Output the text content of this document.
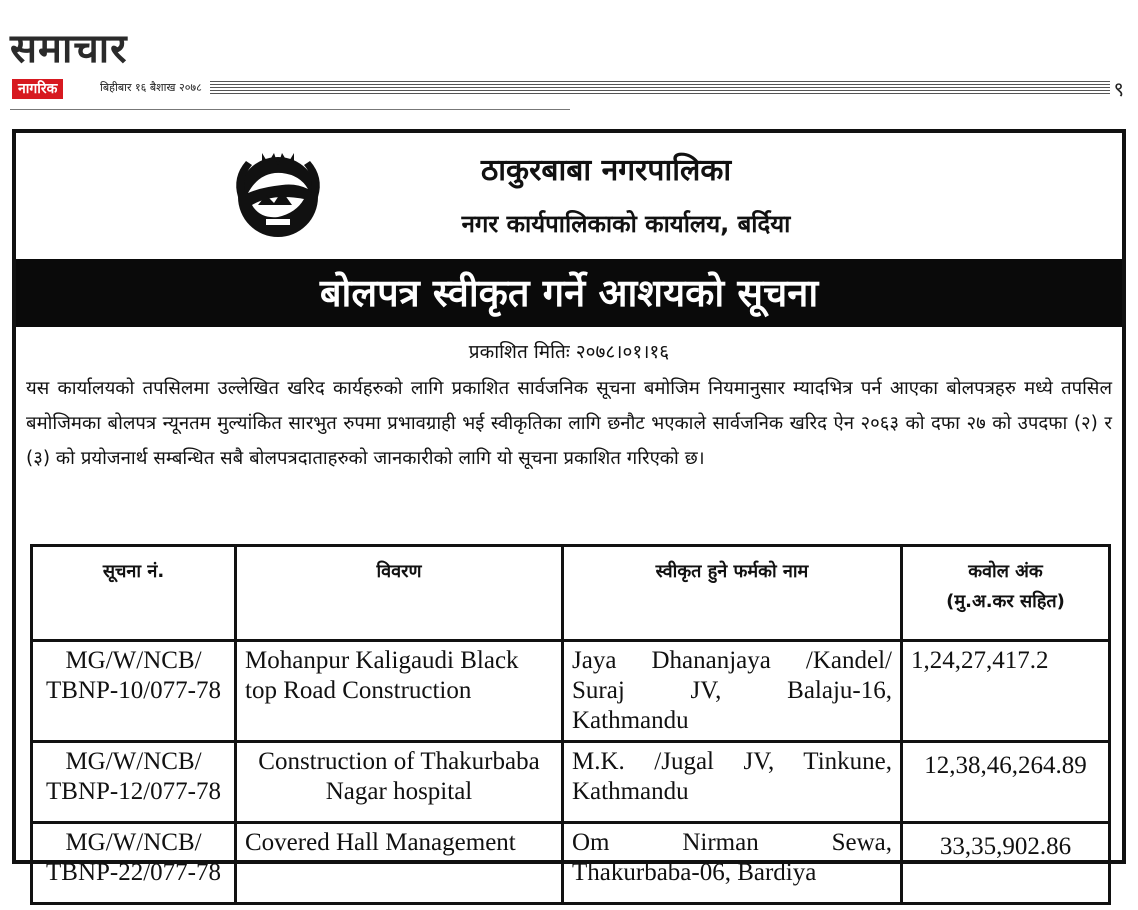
समाचार
नागरिक	बिहीबार १६ बैशाख २०७८	९
ठाकुरबाबा नगरपालिका
नगर कार्यपालिकाको कार्यालय, बर्दिया
बोलपत्र स्वीकृत गर्ने आशयको सूचना
प्रकाशित मितिः २०७८।०१।१६
यस कार्यालयको तपसिलमा उल्लेखित खरिद कार्यहरुको लागि प्रकाशित सार्वजनिक सूचना बमोजिम नियमानुसार म्यादभित्र पर्न आएका बोलपत्रहरु मध्ये तपसिल बमोजिमका बोलपत्र न्यूनतम मुल्यांकित सारभुत रुपमा प्रभावग्राही भई स्वीकृतिका लागि छनौट भएकाले सार्वजनिक खरिद ऐन २०६३ को दफा २७ को उपदफा (२) र (३) को प्रयोजनार्थ सम्बन्धित सबै बोलपत्रदाताहरुको जानकारीको लागि यो सूचना प्रकाशित गरिएको छ।
सूचना नं.	विवरण	स्वीकृत हुने फर्मको नाम	कवोल अंक
(मु.अ.कर सहित)
MG/W/NCB/
TBNP-10/077-78	Mohanpur Kaligaudi Black top Road Construction	Jaya Dhananjaya /Kandel/ Suraj JV, Balaju-16, Kathmandu	1,24,27,417.2
MG/W/NCB/
TBNP-12/077-78	Construction of Thakurbaba Nagar hospital	M.K. /Jugal JV, Tinkune, Kathmandu	12,38,46,264.89
MG/W/NCB/
TBNP-22/077-78	Covered Hall Management	Om Nirman Sewa, Thakurbaba-06, Bardiya	33,35,902.86
